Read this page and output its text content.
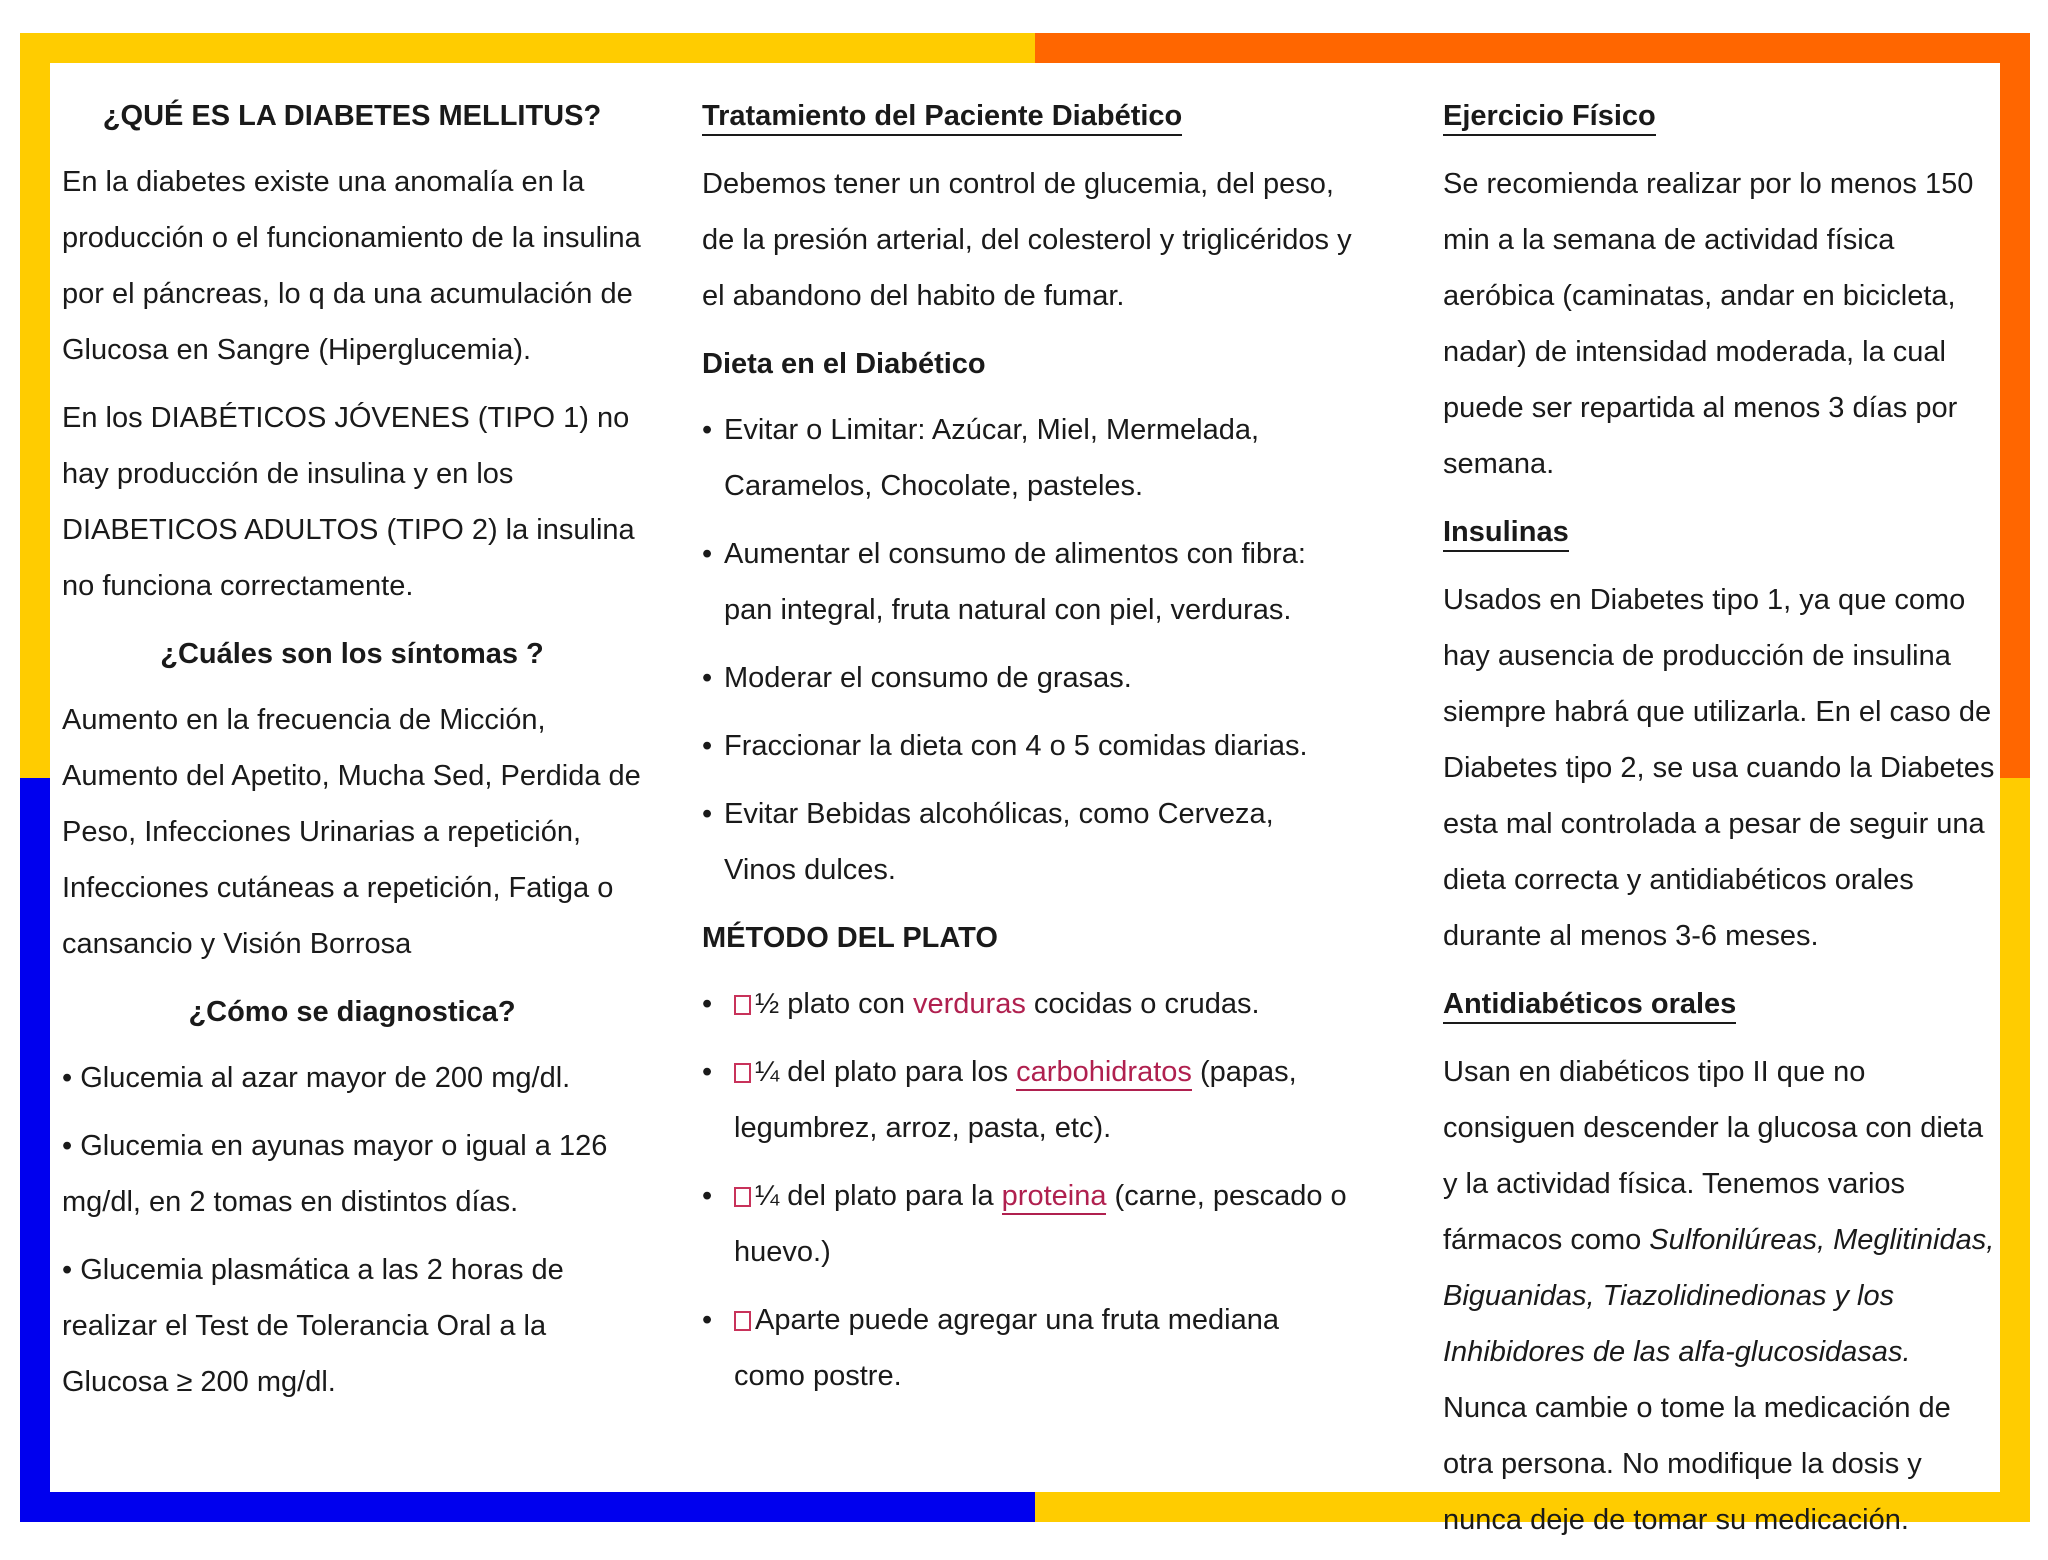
¿QUÉ ES LA DIABETES MELLITUS?

En la diabetes existe una anomalía en la producción o el funcionamiento de la insulina por el páncreas, lo q da una acumulación de Glucosa en Sangre (Hiperglucemia).

En los DIABÉTICOS JÓVENES (TIPO 1) no hay producción de insulina y en los DIABETICOS ADULTOS (TIPO 2) la insulina no funciona correctamente.

¿Cuáles son los síntomas ?

Aumento en la frecuencia de Micción, Aumento del Apetito, Mucha Sed, Perdida de Peso, Infecciones Urinarias a repetición, Infecciones cutáneas a repetición, Fatiga o cansancio y Visión Borrosa

¿Cómo se diagnostica?

• Glucemia al azar mayor de 200 mg/dl.

• Glucemia en ayunas mayor o igual a 126 mg/dl, en 2 tomas en distintos días.

• Glucemia plasmática a las 2 horas de realizar el Test de Tolerancia Oral a la Glucosa ≥ 200 mg/dl.

Tratamiento del Paciente Diabético

Debemos tener un control de glucemia, del peso, de la presión arterial, del colesterol y triglicéridos y el abandono del habito de fumar.

Dieta en el Diabético
• Evitar o Limitar: Azúcar, Miel, Mermelada, Caramelos, Chocolate, pasteles.
• Aumentar el consumo de alimentos con fibra: pan integral, fruta natural con piel, verduras.
• Moderar el consumo de grasas.
• Fraccionar la dieta con 4 o 5 comidas diarias.
• Evitar Bebidas alcohólicas, como Cerveza, Vinos dulces.
MÉTODO DEL PLATO
• ½ plato con verduras cocidas o crudas.
• ¼ del plato para los carbohidratos (papas, legumbrez, arroz, pasta, etc).
• ¼ del plato para la proteina (carne, pescado o huevo.)
• Aparte puede agregar una fruta mediana como postre.
Ejercicio Físico

Se recomienda realizar por lo menos 150 min a la semana de actividad física aeróbica (caminatas, andar en bicicleta, nadar) de intensidad moderada, la cual puede ser repartida al menos 3 días por semana.

Insulinas

Usados en Diabetes tipo 1, ya que como hay ausencia de producción de insulina siempre habrá que utilizarla. En el caso de Diabetes tipo 2, se usa cuando la Diabetes esta mal controlada a pesar de seguir una dieta correcta y antidiabéticos orales durante al menos 3-6 meses.

Antidiabéticos orales

Usan en diabéticos tipo II que no consiguen descender la glucosa con dieta y la actividad física. Tenemos varios fármacos como Sulfonilúreas, Meglitinidas, Biguanidas, Tiazolidinedionas y los Inhibidores de las alfa-glucosidasas. Nunca cambie o tome la medicación de otra persona. No modifique la dosis y nunca deje de tomar su medicación.
